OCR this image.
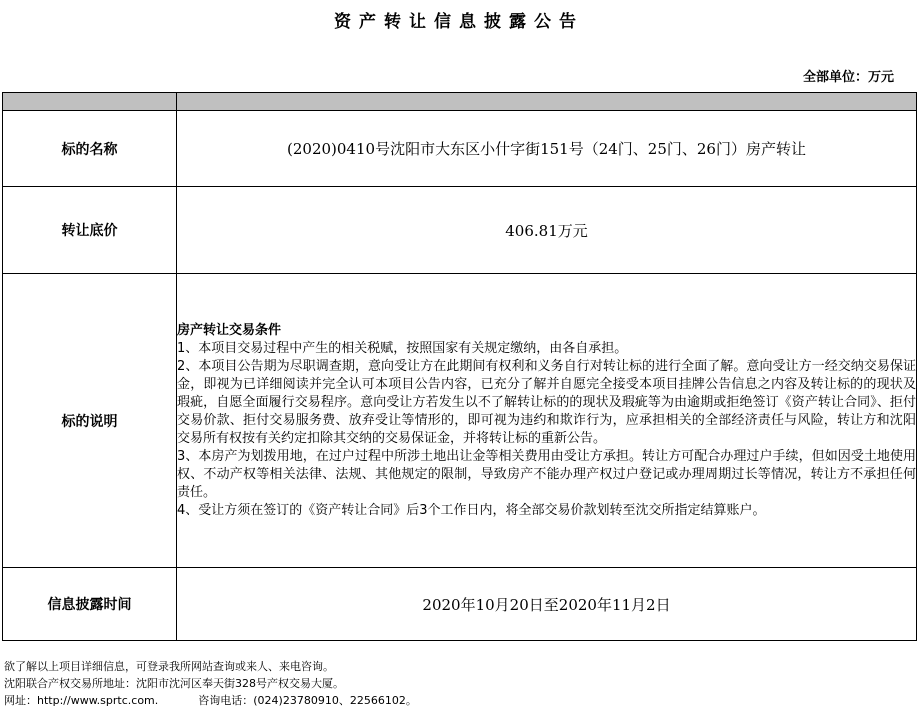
资产转让信息披露公告
全部单位：万元

标的名称	(2020)0410号沈阳市大东区小什字街151号（24门、25门、26门）房产转让
转让底价	406.81万元
标的说明	房产转让交易条件
1、本项目交易过程中产生的相关税赋，按照国家有关规定缴纳，由各自承担。
2、本项目公告期为尽职调查期，意向受让方在此期间有权利和义务自行对转让标的进行全面了解。意向受让方一经交纳交易保证金，即视为已详细阅读并完全认可本项目公告内容，已充分了解并自愿完全接受本项目挂牌公告信息之内容及转让标的的现状及瑕疵，自愿全面履行交易程序。意向受让方若发生以不了解转让标的的现状及瑕疵等为由逾期或拒绝签订《资产转让合同》、拒付交易价款、拒付交易服务费、放弃受让等情形的，即可视为违约和欺诈行为，应承担相关的全部经济责任与风险，转让方和沈阳交易所有权按有关约定扣除其交纳的交易保证金，并将转让标的重新公告。
3、本房产为划拨用地，在过户过程中所涉土地出让金等相关费用由受让方承担。转让方可配合办理过户手续，但如因受土地使用权、不动产权等相关法律、法规、其他规定的限制，导致房产不能办理产权过户登记或办理周期过长等情况，转让方不承担任何责任。
4、受让方须在签订的《资产转让合同》后3个工作日内，将全部交易价款划转至沈交所指定结算账户。

信息披露时间	2020年10月20日至2020年11月2日
欲了解以上项目详细信息，可登录我所网站查询或来人、来电咨询。
沈阳联合产权交易所地址：沈阳市沈河区奉天街328号产权交易大厦。
网址：http://www.sprtc.com.	咨询电话：(024)23780910、22566102。
